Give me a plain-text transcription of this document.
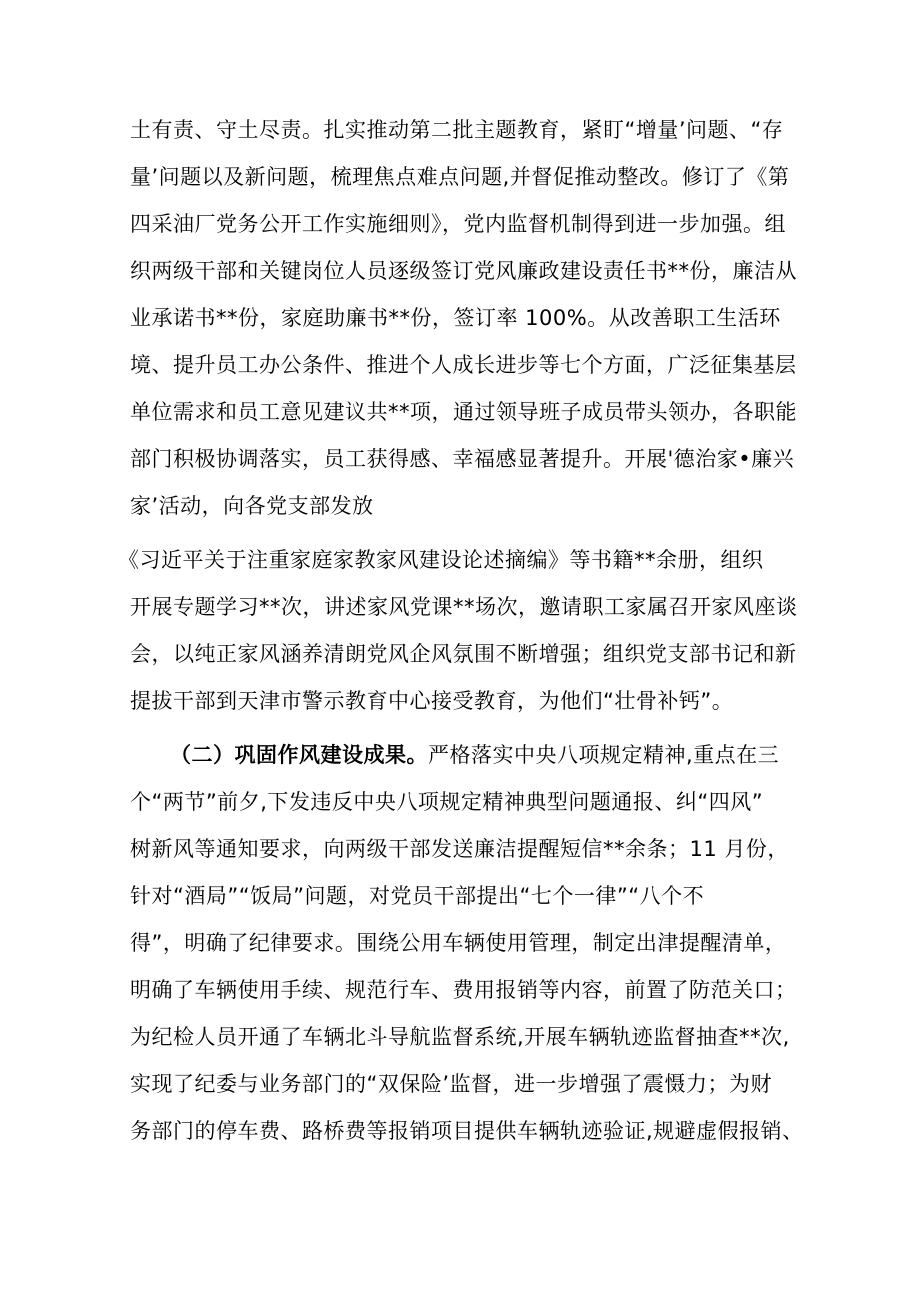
土有责、守土尽责。扎实推动第二批主题教育，紧盯“增量’问题、“存
量’问题以及新问题，梳理焦点难点问题,并督促推动整改。修订了《第
四采油厂党务公开工作实施细则》，党内监督机制得到进一步加强。组
织两级干部和关键岗位人员逐级签订党风廉政建设责任书**份，廉洁从
业承诺书**份，家庭助廉书**份，签订率 100%。从改善职工生活环
境、提升员工办公条件、推进个人成长进步等七个方面，广泛征集基层
单位需求和员工意见建议共**项，通过领导班子成员带头领办，各职能
部门积极协调落实，员工获得感、幸福感显著提升。开展'德治家•廉兴
家’活动，向各党支部发放
《习近平关于注重家庭家教家风建设论述摘编》等书籍**余册，组织
开展专题学习**次，讲述家风党课**场次，邀请职工家属召开家风座谈
会，以纯正家风涵养清朗党风企风氛围不断增强；组织党支部书记和新
提拔干部到天津市警示教育中心接受教育，为他们“壮骨补钙”。
（二）巩固作风建设成果。严格落实中央八项规定精神,重点在三
个“两节”前夕,下发违反中央八项规定精神典型问题通报、纠“四风”
树新风等通知要求，向两级干部发送廉洁提醒短信**余条；11 月份，
针对“酒局”“饭局”问题，对党员干部提出“七个一律”“八个不
得”，明确了纪律要求。围绕公用车辆使用管理，制定出津提醒清单，
明确了车辆使用手续、规范行车、费用报销等内容，前置了防范关口；
为纪检人员开通了车辆北斗导航监督系统,开展车辆轨迹监督抽查**次,
实现了纪委与业务部门的“双保险’监督，进一步增强了震慑力；为财
务部门的停车费、路桥费等报销项目提供车辆轨迹验证,规避虚假报销、
